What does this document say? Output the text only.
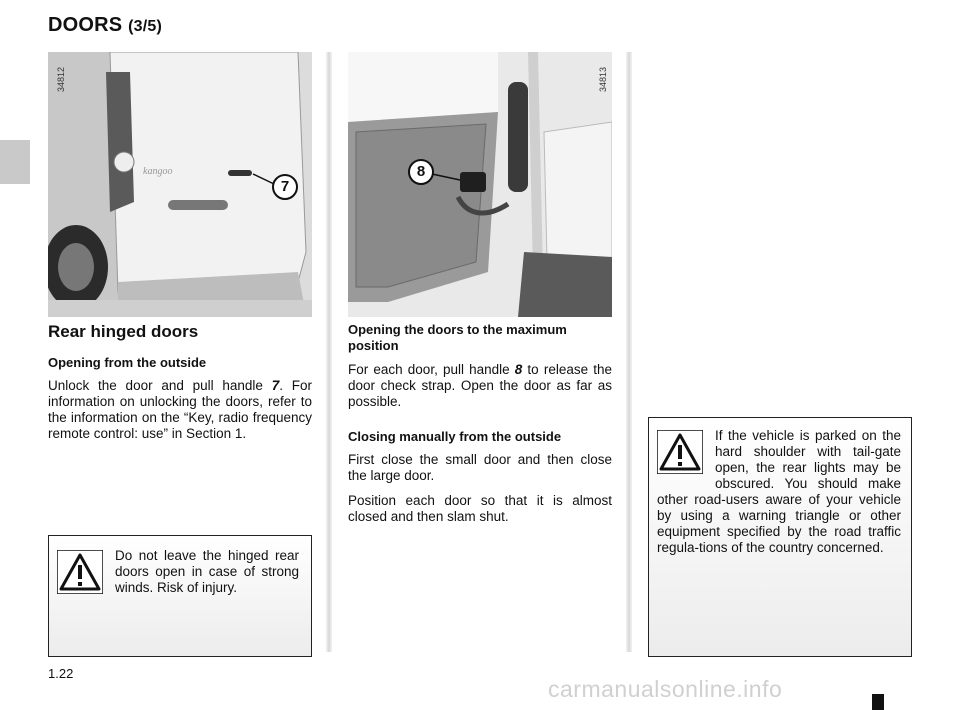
DOORS (3/5)
kangoo
7
34812
8
34813
Rear hinged doors
Opening from the outside
Unlock the door and pull handle 7. For information on unlocking the doors, refer to the information on the “Key, radio frequency remote control: use” in Section 1.
Do not leave the hinged rear doors open in case of strong winds. Risk of injury.
Opening the doors to the maximum position
For each door, pull handle 8 to release the door check strap. Open the door as far as possible.
Closing manually from the outside
First close the small door and then close the large door.
Position each door so that it is almost closed and then slam shut.
If the vehicle is parked on the hard shoulder with tail-gate open, the rear lights may be obscured. You should make other road-users aware of your vehicle by using a warning triangle or other equipment specified by the road traffic regula-tions of the country concerned.
1.22
carmanualsonline.info
